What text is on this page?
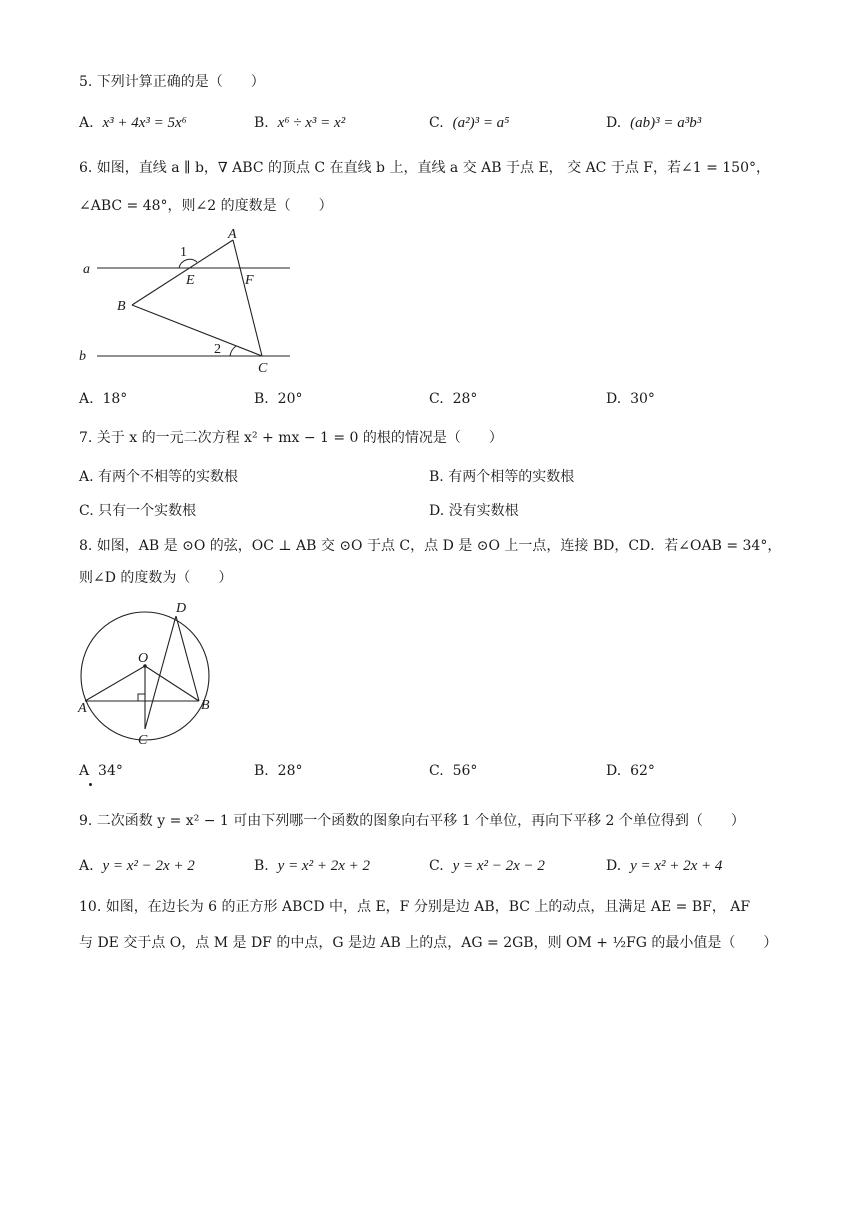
5. 下列计算正确的是（　　）
A. x³ + 4x³ = 5x⁶	B. x⁶ ÷ x³ = x²	C. (a²)³ = a⁵	D. (ab)³ = a³b³
6. 如图，直线 a ∥ b，∇ ABC 的顶点 C 在直线 b 上，直线 a 交 AB 于点 E， 交 AC 于点 F，若∠1 = 150°，
∠ABC = 48°，则∠2 的度数是（　　）
a
b
A
B
C
E	F
1
2
A. 18°	B. 20°	C. 28°	D. 30°
7. 关于 x 的一元二次方程 x² + mx − 1 = 0 的根的情况是（　　）
A. 有两个不相等的实数根	B. 有两个相等的实数根
C. 只有一个实数根	D. 没有实数根
8. 如图，AB 是 ⊙O 的弦，OC ⊥ AB 交 ⊙O 于点 C，点 D 是 ⊙O 上一点，连接 BD，CD．若∠OAB = 34°，
则∠D 的度数为（　　）
O
A	B
C
D
A 34°	B. 28°	C. 56°	D. 62°
9. 二次函数 y = x² − 1 可由下列哪一个函数的图象向右平移 1 个单位，再向下平移 2 个单位得到（　　）
A. y = x² − 2x + 2	B. y = x² + 2x + 2	C. y = x² − 2x − 2	D. y = x² + 2x + 4
10. 如图，在边长为 6 的正方形 ABCD 中，点 E，F 分别是边 AB，BC 上的动点，且满足 AE = BF， AF
与 DE 交于点 O，点 M 是 DF 的中点，G 是边 AB 上的点，AG = 2GB，则 OM + ½FG 的最小值是（　　）
